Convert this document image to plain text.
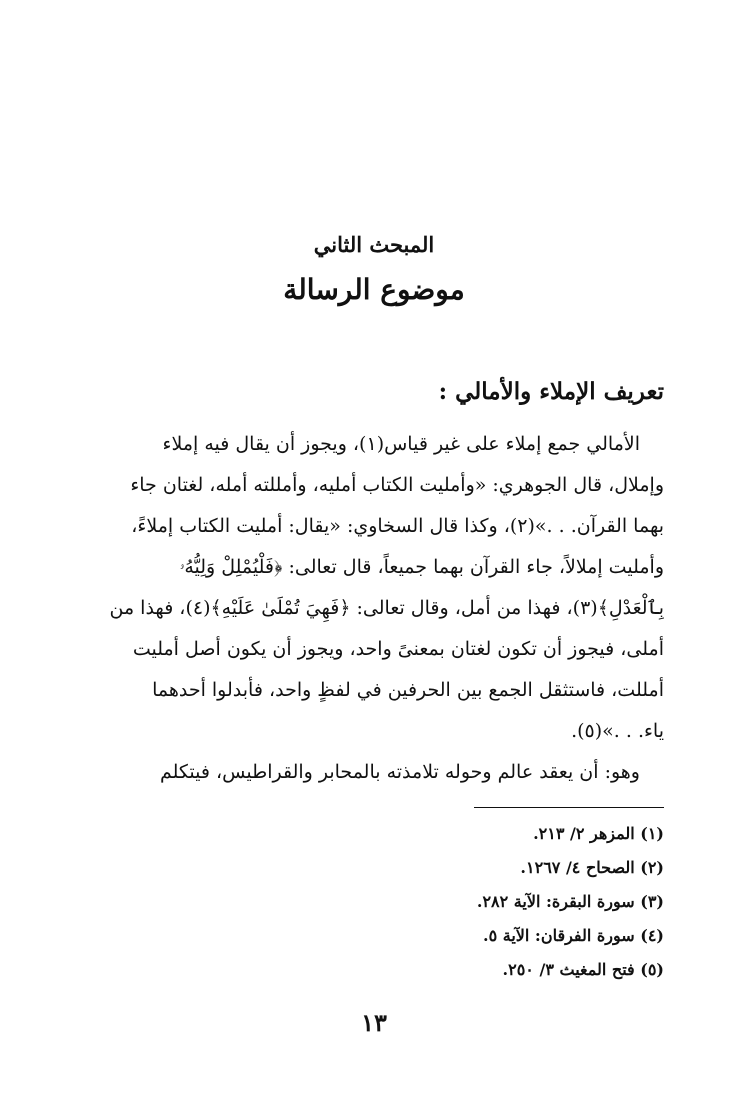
المبحث الثاني
موضوع الرسالة
تعريف الإملاء والأمالي :
الأمالي جمع إملاء على غير قياس(١)، ويجوز أن يقال فيه إملاء
وإملال، قال الجوهري: «وأمليت الكتاب أمليه، وأمللته أمله، لغتان جاء
بهما القرآن. . .»(٢)، وكذا قال السخاوي: «يقال: أمليت الكتاب إملاءً،
وأمليت إملالاً، جاء القرآن بهما جميعاً، قال تعالى: ﴿فَلْيُمْلِلْ وَلِيُّهُۥ
بِٱلْعَدْلِ﴾(٣)، فهذا من أمل، وقال تعالى: ﴿فَهِيَ تُمْلَىٰ عَلَيْهِ﴾(٤)، فهذا من
أملى، فيجوز أن تكون لغتان بمعنىً واحد، ويجوز أن يكون أصل أمليت
أمللت، فاستثقل الجمع بين الحرفين في لفظٍ واحد، فأبدلوا أحدهما
ياء. . .»(٥).
وهو: أن يعقد عالم وحوله تلامذته بالمحابر والقراطيس، فيتكلم
(١) المزهر ٢/ ٢١٣.
(٢) الصحاح ٤/ ١٢٦٧.
(٣) سورة البقرة: الآية ٢٨٢.
(٤) سورة الفرقان: الآية ٥.
(٥) فتح المغيث ٣/ ٢٥٠.
١٣
